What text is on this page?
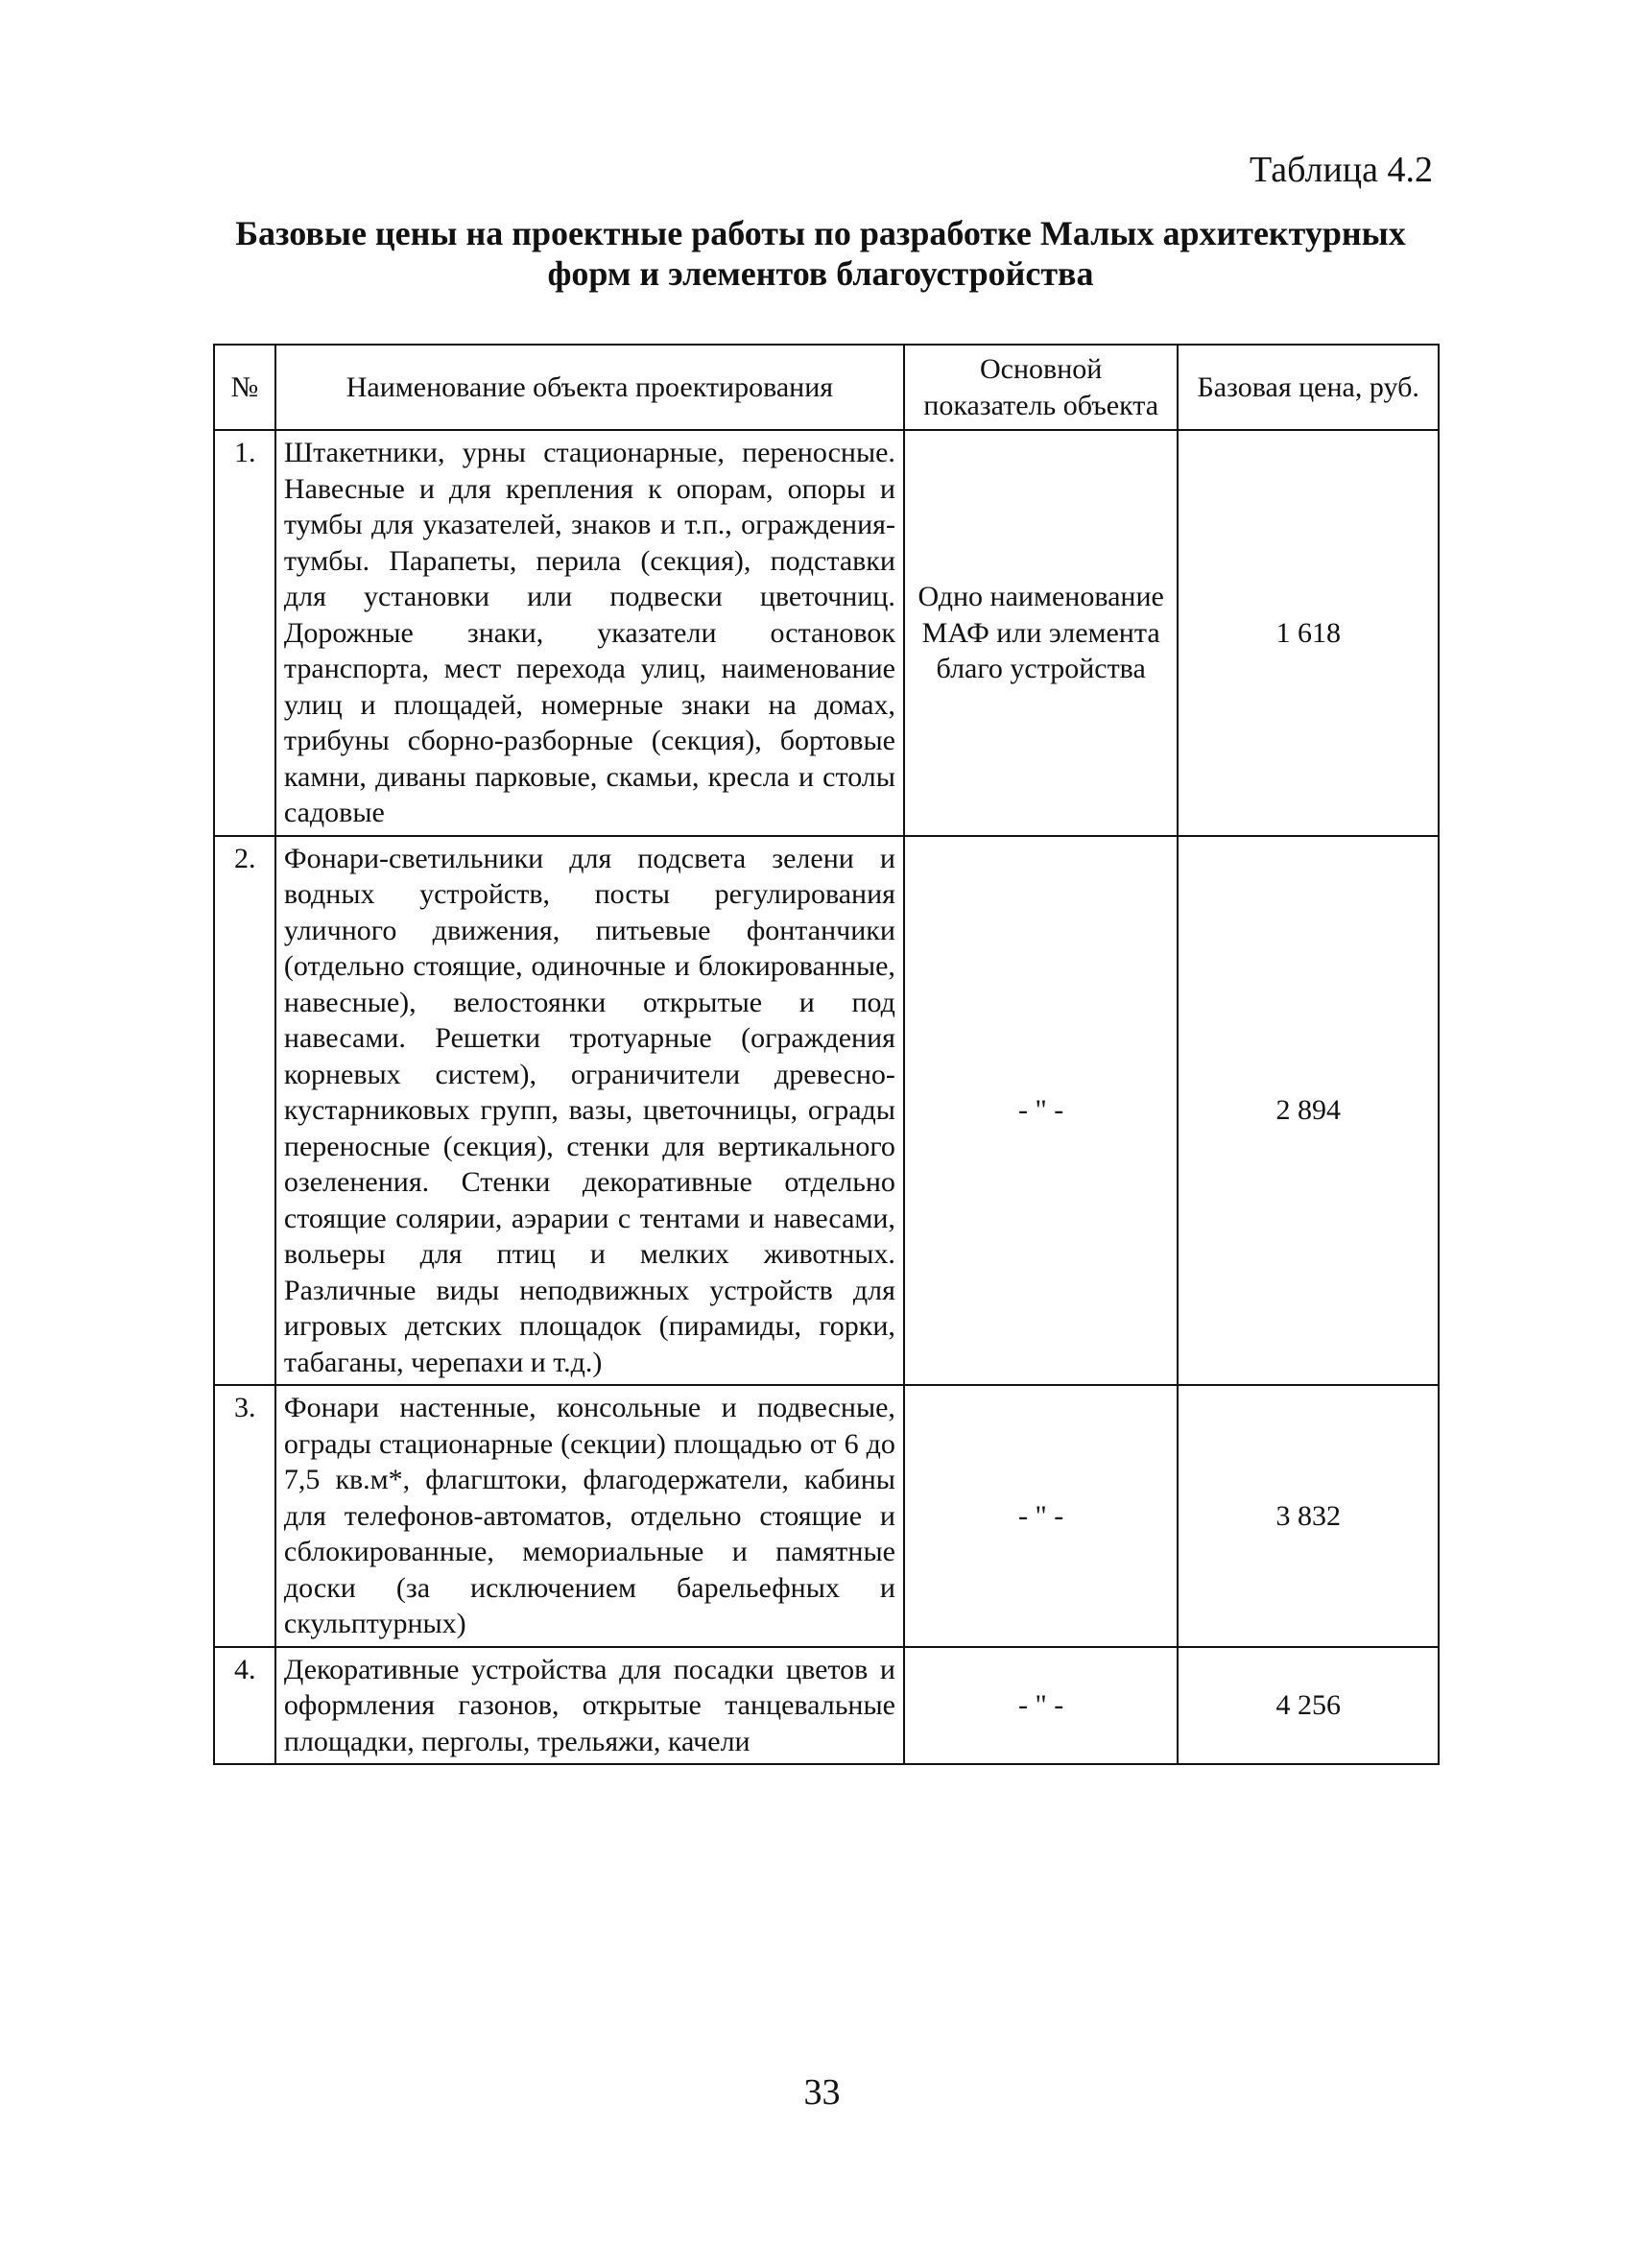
Таблица 4.2
Базовые цены на проектные работы по разработке Малых архитектурных форм и элементов благоустройства
№	Наименование объекта проектирования	Основной показатель объекта	Базовая цена, руб.
1.	Штакетники, урны стационарные, переносные. Навесные и для крепления к опорам, опоры и тумбы для указателей, знаков и т.п., ограждения-тумбы. Парапеты, перила (секция), подставки для установки или подвески цветочниц. Дорожные знаки, указатели остановок транспорта, мест перехода улиц, наименование улиц и площадей, номерные знаки на домах, трибуны сборно-разборные (секция), бортовые камни, диваны парковые, скамьи, кресла и столы садовые	Одно наименование МАФ или элемента благо устройства	1 618
2.	Фонари-светильники для подсвета зелени и водных устройств, посты регулирования уличного движения, питьевые фонтанчики (отдельно стоящие, одиночные и блокированные, навесные), велостоянки открытые и под навесами. Решетки тротуарные (ограждения корневых систем), ограничители древесно-кустарниковых групп, вазы, цветочницы, ограды переносные (секция), стенки для вертикального озеленения. Стенки декоративные отдельно стоящие солярии, аэрарии с тентами и навесами, вольеры для птиц и мелких животных. Различные виды неподвижных устройств для игровых детских площадок (пирамиды, горки, табаганы, черепахи и т.д.)	- " -	2 894
3.	Фонари настенные, консольные и подвесные, ограды стационарные (секции) площадью от 6 до 7,5 кв.м*, флагштоки, флагодержатели, кабины для телефонов-автоматов, отдельно стоящие и сблокированные, мемориальные и памятные доски (за исключением барельефных и скульптурных)	- " -	3 832
4.	Декоративные устройства для посадки цветов и оформления газонов, открытые танцевальные площадки, перголы, трельяжи, качели	- " -	4 256
33
